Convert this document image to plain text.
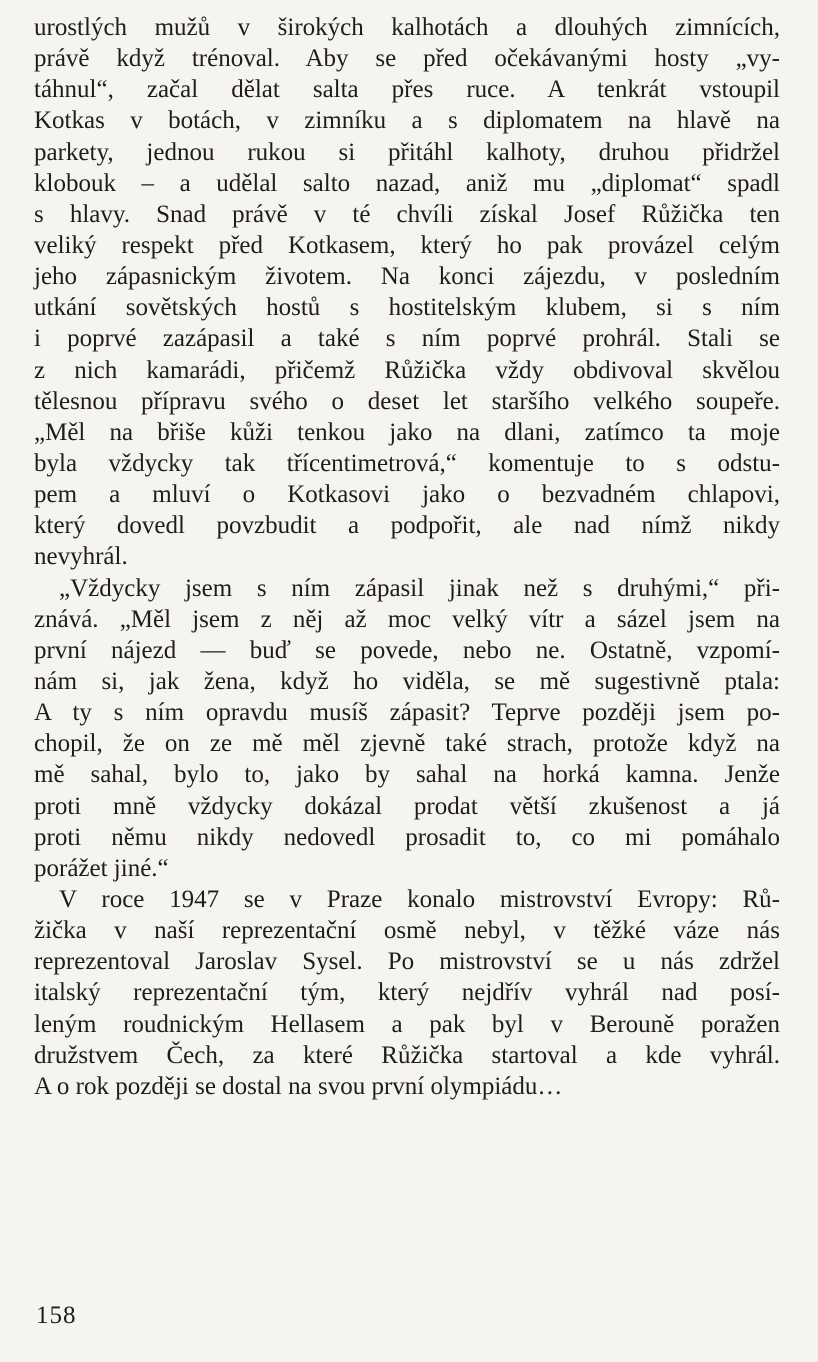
urostlých mužů v širokých kalhotách a dlouhých zimnících,
právě když trénoval. Aby se před očekávanými hosty „vy-
táhnul“, začal dělat salta přes ruce. A tenkrát vstoupil
Kotkas v botách, v zimníku a s diplomatem na hlavě na
parkety, jednou rukou si přitáhl kalhoty, druhou přidržel
klobouk – a udělal salto nazad, aniž mu „diplomat“ spadl
s hlavy. Snad právě v té chvíli získal Josef Růžička ten
veliký respekt před Kotkasem, který ho pak provázel celým
jeho zápasnickým životem. Na konci zájezdu, v posledním
utkání sovětských hostů s hostitelským klubem, si s ním
i poprvé zazápasil a také s ním poprvé prohrál. Stali se
z nich kamarádi, přičemž Růžička vždy obdivoval skvělou
tělesnou přípravu svého o deset let staršího velkého soupeře.
„Měl na břiše kůži tenkou jako na dlani, zatímco ta moje
byla vždycky tak třícentimetrová,“ komentuje to s odstu-
pem a mluví o Kotkasovi jako o bezvadném chlapovi,
který dovedl povzbudit a podpořit, ale nad nímž nikdy
nevyhrál.
„Vždycky jsem s ním zápasil jinak než s druhými,“ při-
znává. „Měl jsem z něj až moc velký vítr a sázel jsem na
první nájezd — buď se povede, nebo ne. Ostatně, vzpomí-
nám si, jak žena, když ho viděla, se mě sugestivně ptala:
A ty s ním opravdu musíš zápasit? Teprve později jsem po-
chopil, že on ze mě měl zjevně také strach, protože když na
mě sahal, bylo to, jako by sahal na horká kamna. Jenže
proti mně vždycky dokázal prodat větší zkušenost a já
proti němu nikdy nedovedl prosadit to, co mi pomáhalo
porážet jiné.“
V roce 1947 se v Praze konalo mistrovství Evropy: Rů-
žička v naší reprezentační osmě nebyl, v těžké váze nás
reprezentoval Jaroslav Sysel. Po mistrovství se u nás zdržel
italský reprezentační tým, který nejdřív vyhrál nad posí-
leným roudnickým Hellasem a pak byl v Berouně poražen
družstvem Čech, za které Růžička startoval a kde vyhrál.
A o rok později se dostal na svou první olympiádu…
158
